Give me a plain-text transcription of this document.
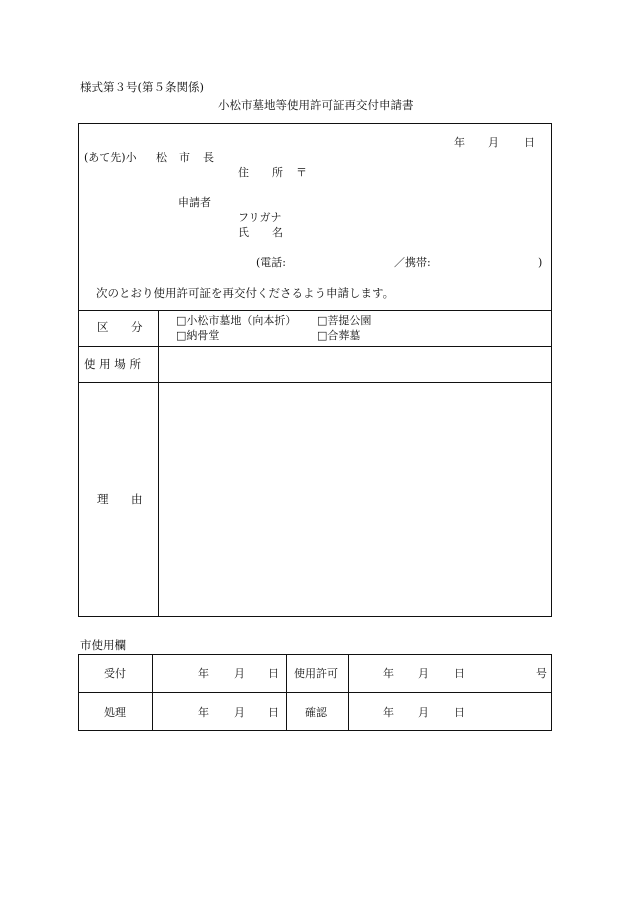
様式第３号(第５条関係)
小松市墓地等使用許可証再交付申請書
年 月 日
(あて先)小 松 市 長
住 所 〒
申請者
フリガナ
氏 名
(電話:	／携帯:	)
次のとおり使用許可証を再交付くださるよう申請します。
区 分	□小松市墓地（向本折） □菩提公園
□納骨堂	□合葬墓
使 用 場 所
理 由
市使用欄
受付	年 月 日 使用許可	年 月 日	号
処理	年 月 日 確認	年 月 日
